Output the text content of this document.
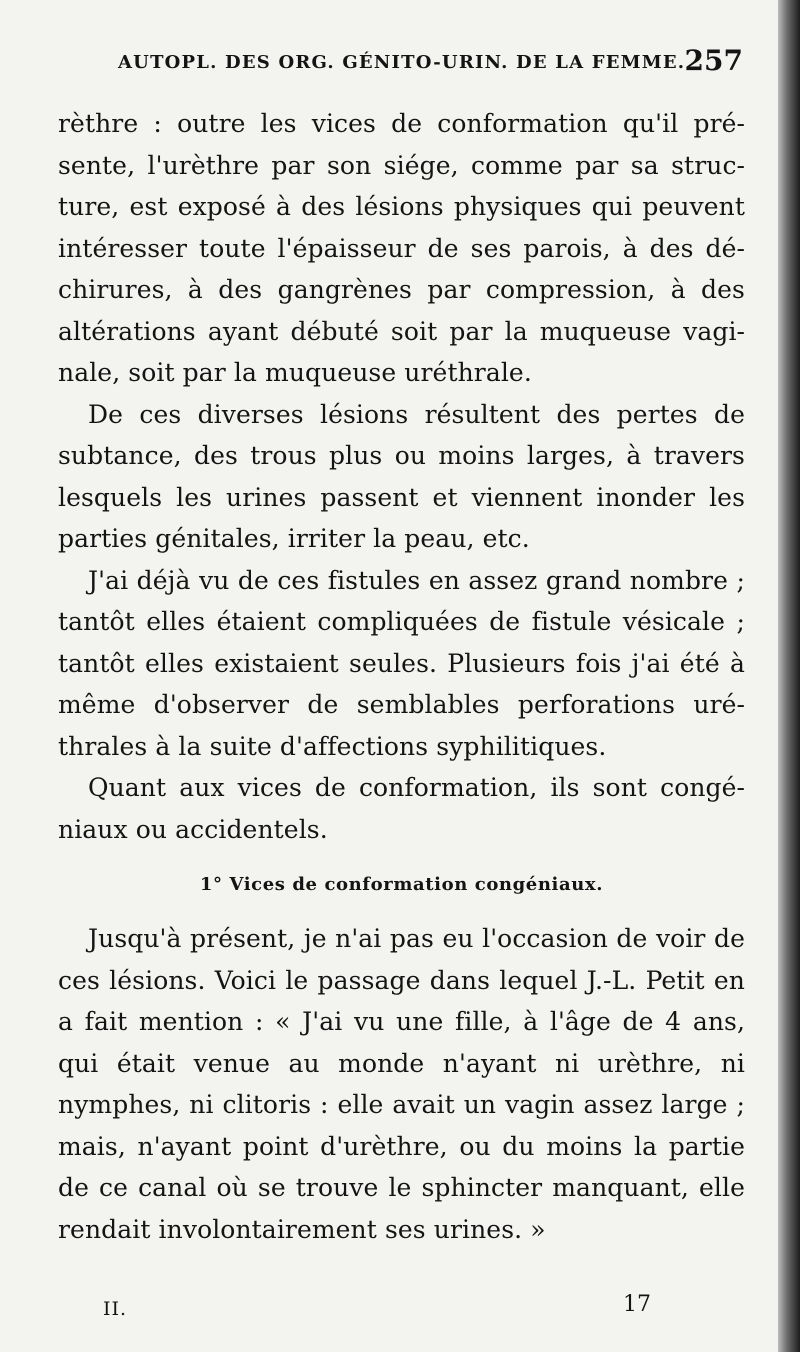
AUTOPL. DES ORG. GÉNITO-URIN. DE LA FEMME. 257

rèthre : outre les vices de conformation qu'il présente, l'urèthre par son siége, comme par sa structure, est exposé à des lésions physiques qui peuvent intéresser toute l'épaisseur de ses parois, à des déchirures, à des gangrènes par compression, à des altérations ayant débuté soit par la muqueuse vaginale, soit par la muqueuse uréthrale.

De ces diverses lésions résultent des pertes de subtance, des trous plus ou moins larges, à travers lesquels les urines passent et viennent inonder les parties génitales, irriter la peau, etc.

J'ai déjà vu de ces fistules en assez grand nombre ; tantôt elles étaient compliquées de fistule vésicale ; tantôt elles existaient seules. Plusieurs fois j'ai été à même d'observer de semblables perforations uréthrales à la suite d'affections syphilitiques.

Quant aux vices de conformation, ils sont congéniaux ou accidentels.

1° Vices de conformation congéniaux.

Jusqu'à présent, je n'ai pas eu l'occasion de voir de ces lésions. Voici le passage dans lequel J.-L. Petit en a fait mention : « J'ai vu une fille, à l'âge de 4 ans, qui était venue au monde n'ayant ni urèthre, ni nymphes, ni clitoris : elle avait un vagin assez large ; mais, n'ayant point d'urèthre, ou du moins la partie de ce canal où se trouve le sphincter manquant, elle rendait involontairement ses urines. »

II.	17
